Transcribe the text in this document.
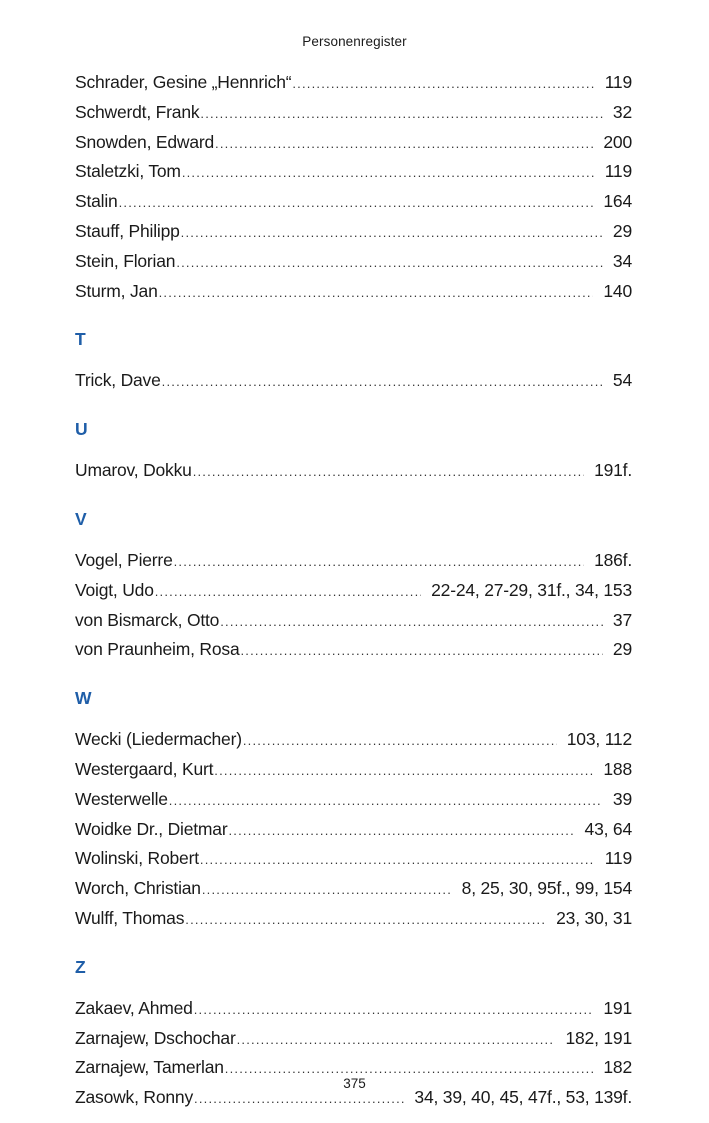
Personenregister
Schrader, Gesine „Hennrich“ .....	119
Schwerdt, Frank .....	32
Snowden, Edward .....	200
Staletzki, Tom .....	119
Stalin .....	164
Stauff, Philipp .....	29
Stein, Florian .....	34
Sturm, Jan .....	140
T
Trick, Dave .....	54
U
Umarov, Dokku .....	191f.
V
Vogel, Pierre .....	186f.
Voigt, Udo .....	22-24, 27-29, 31f., 34, 153
von Bismarck, Otto .....	37
von Praunheim, Rosa .....	29
W
Wecki (Liedermacher) .....	103, 112
Westergaard, Kurt .....	188
Westerwelle .....	39
Woidke Dr., Dietmar .....	43, 64
Wolinski, Robert .....	119
Worch, Christian .....	8, 25, 30, 95f., 99, 154
Wulff, Thomas .....	23, 30, 31
Z
Zakaev, Ahmed .....	191
Zarnajew, Dschochar .....	182, 191
Zarnajew, Tamerlan .....	182
Zasowk, Ronny .....	34, 39, 40, 45, 47f., 53, 139f.
375
